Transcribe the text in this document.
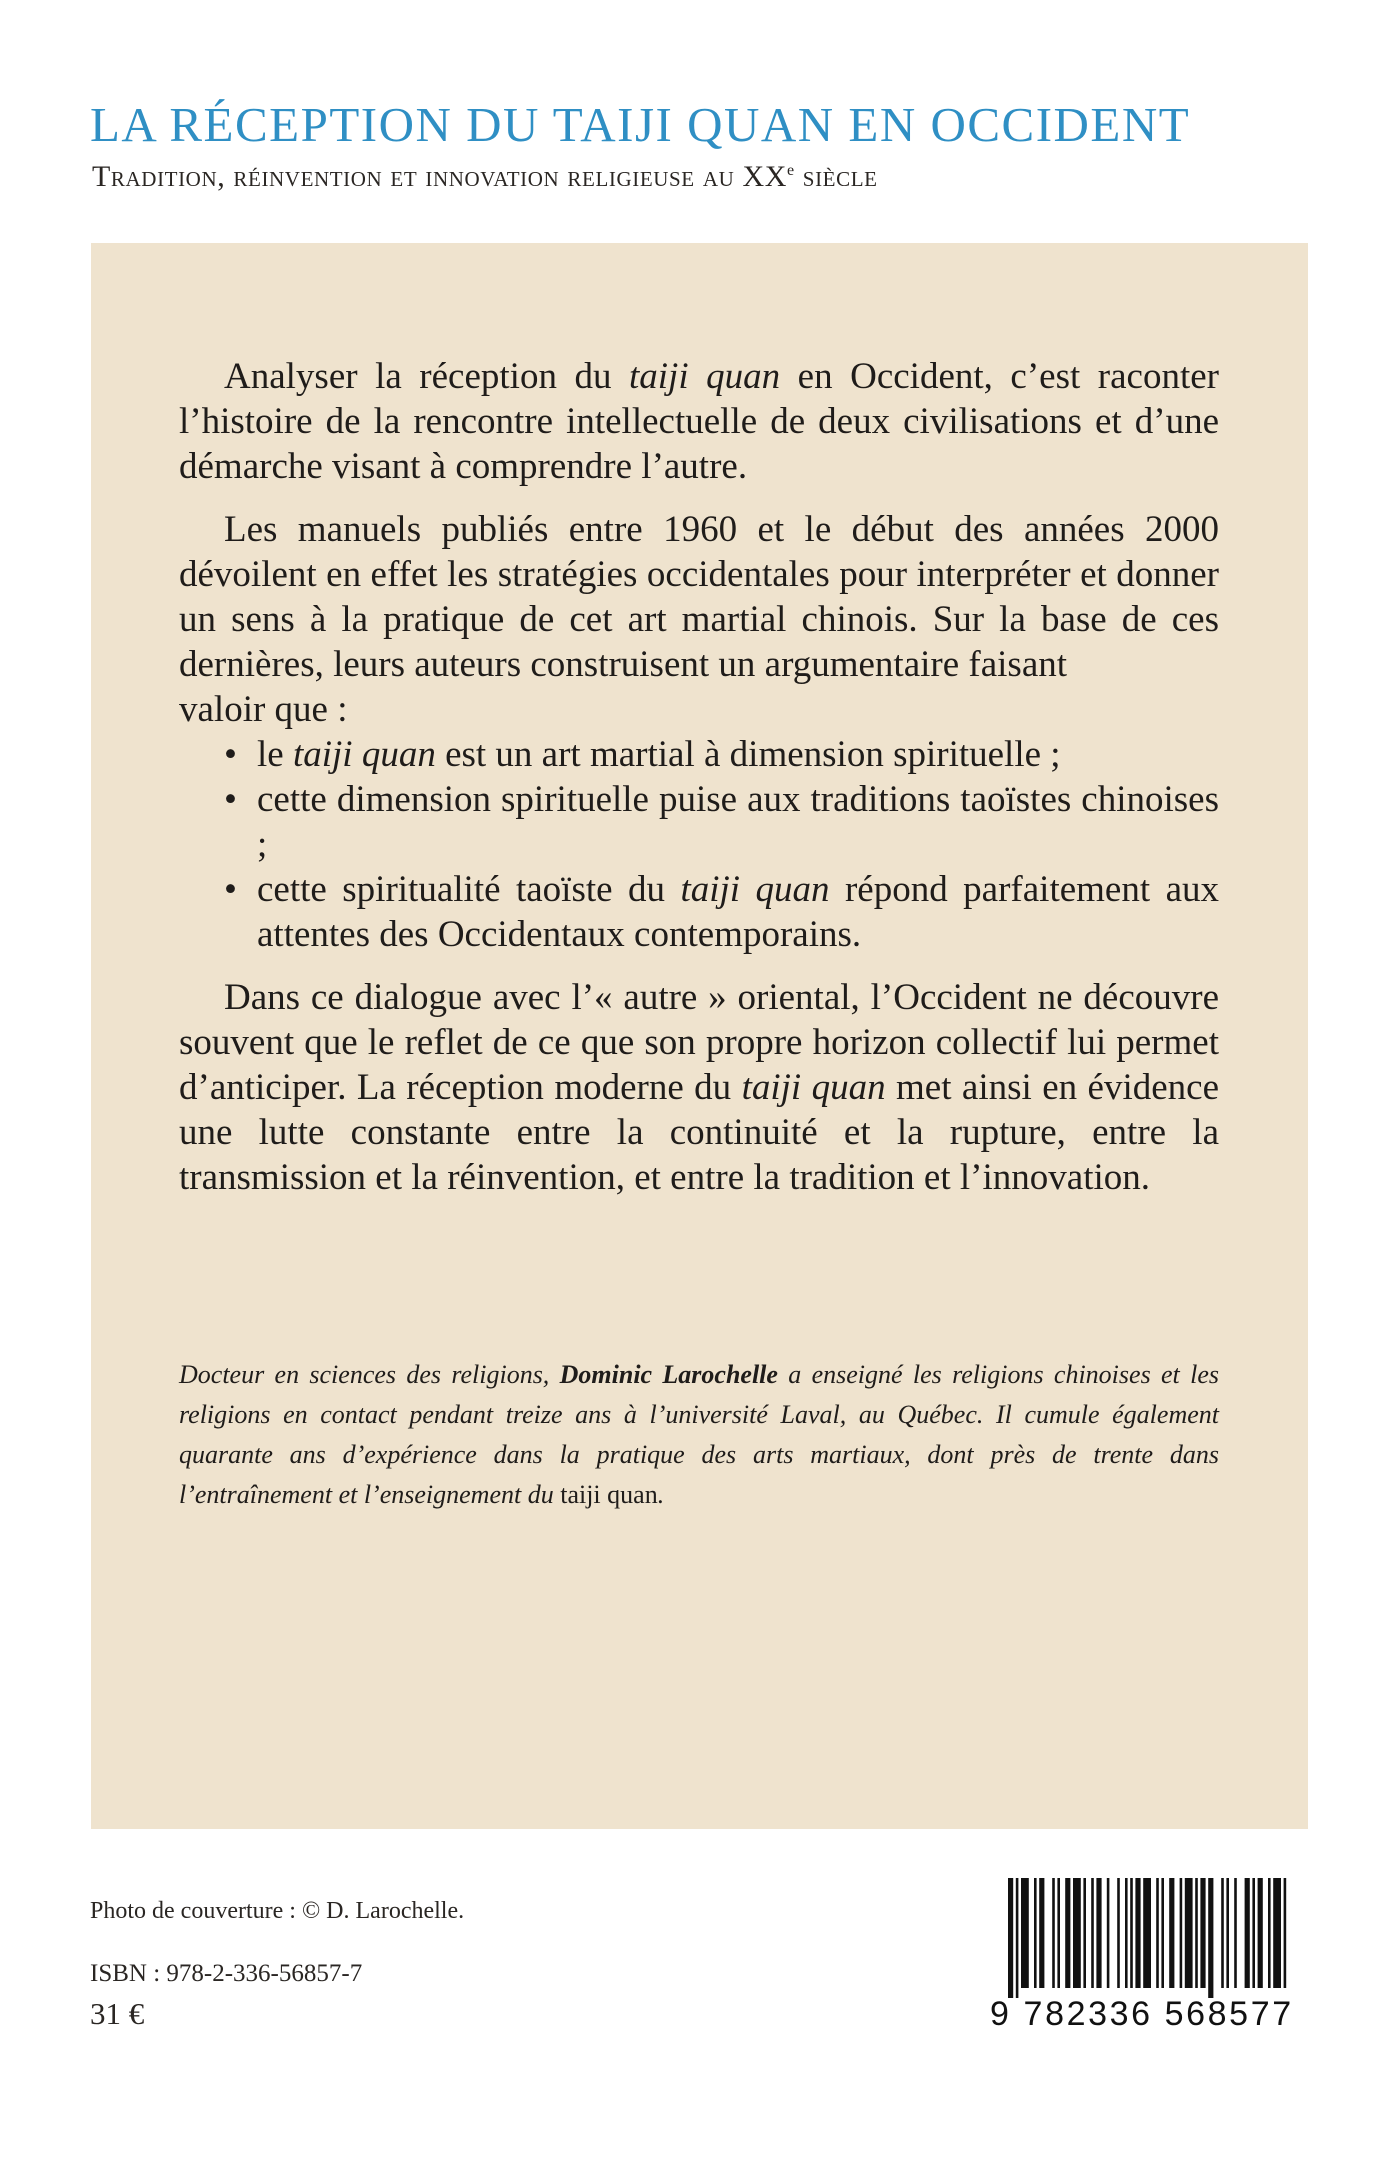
LA RÉCEPTION DU TAIJI QUAN EN OCCIDENT
Tradition, réinvention et innovation religieuse au XXe siècle

Analyser la réception du taiji quan en Occident, c’est raconter l’histoire de la rencontre intellectuelle de deux civilisations et d’une démarche visant à comprendre l’autre.

Les manuels publiés entre 1960 et le début des années 2000 dévoilent en effet les stratégies occidentales pour interpréter et donner un sens à la pratique de cet art martial chinois. Sur la base de ces dernières, leurs auteurs construisent un argumentaire faisant

valoir que :

• le taiji quan est un art martial à dimension spirituelle ;
• cette dimension spirituelle puise aux traditions taoïstes chinoises ;
• cette spiritualité taoïste du taiji quan répond parfaitement aux attentes des Occidentaux contemporains.

Dans ce dialogue avec l’« autre » oriental, l’Occident ne découvre souvent que le reflet de ce que son propre horizon collectif lui permet d’anticiper. La réception moderne du taiji quan met ainsi en évidence une lutte constante entre la continuité et la rupture, entre la transmission et la réinvention, et entre la tradition et l’innovation.

Docteur en sciences des religions, Dominic Larochelle a enseigné les religions chinoises et les religions en contact pendant treize ans à l’université Laval, au Québec. Il cumule également quarante ans d’expérience dans la pratique des arts martiaux, dont près de trente dans l’entraînement et l’enseignement du taiji quan.

Photo de couverture : © D. Larochelle.

ISBN : 978-2-336-56857-7

31 €	9 782336 568577
